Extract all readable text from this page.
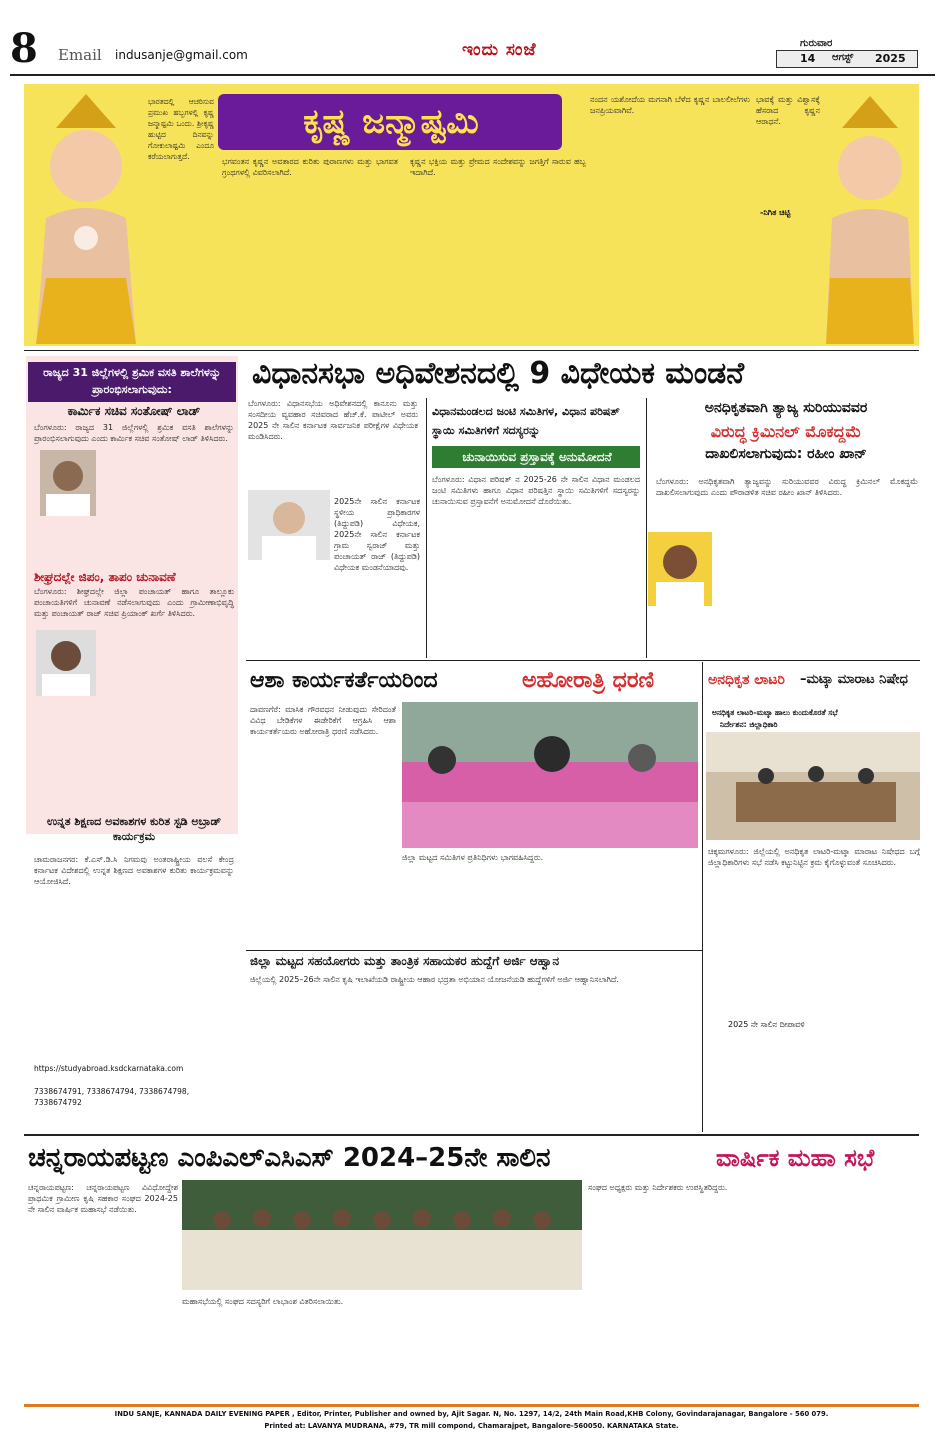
8 Email indusanje@gmail.com	ಇಂದು ಸಂಜೆ	ಗುರುವಾರ
14 ಆಗಸ್ಟ್ 2025
ಕೃಷ್ಣ ಜನ್ಮಾಷ್ಟಮಿ
ಭಾರತದಲ್ಲಿ ಆಚರಿಸುವ ಪ್ರಮುಖ ಹಬ್ಬಗಳಲ್ಲಿ ಕೃಷ್ಣ ಜನ್ಮಾಷ್ಟಮಿ ಒಂದು. ಶ್ರೀಕೃಷ್ಣ ಹುಟ್ಟಿದ ದಿನವನ್ನು ಗೋಕುಲಾಷ್ಟಮಿ ಎಂದೂ ಕರೆಯಲಾಗುತ್ತದೆ.
ಭಗವಂತನ ಕೃಷ್ಣನ ಅವತಾರದ ಕುರಿತು ಪುರಾಣಗಳು ಮತ್ತು ಭಾಗವತ ಗ್ರಂಥಗಳಲ್ಲಿ ವಿವರಿಸಲಾಗಿದೆ.
ಕೃಷ್ಣನ ಭಕ್ತಿಯ ಮತ್ತು ಪ್ರೇಮದ ಸಂದೇಶವನ್ನು ಜಗತ್ತಿಗೆ ಸಾರುವ ಹಬ್ಬ ಇದಾಗಿದೆ.
ನಂದನ ಯಶೋದೆಯ ಮಗನಾಗಿ ಬೆಳೆದ ಕೃಷ್ಣನ ಬಾಲಲೀಲೆಗಳು ಜನಪ್ರಿಯವಾಗಿವೆ.
ಭಾವಕ್ಕೆ ಮತ್ತು ವಿಶ್ವಾಸಕ್ಕೆ ಹೆಸರಾದ ಕೃಷ್ಣನ ಆರಾಧನೆ.
-ನಿಗಿತ ಚಿಟ್ಟಿ
ವಿಧಾನಸಭಾ ಅಧಿವೇಶನದಲ್ಲಿ 9 ವಿಧೇಯಕ ಮಂಡನೆ
ರಾಜ್ಯದ 31 ಜಿಲ್ಲೆಗಳಲ್ಲಿ ಶ್ರಮಿಕ ವಸತಿ ಶಾಲೆಗಳನ್ನು ಪ್ರಾರಂಭಿಸಲಾಗುವುದು:
ಕಾರ್ಮಿಕ ಸಚಿವ ಸಂತೋಷ್ ಲಾಡ್
ಬೆಂಗಳೂರು: ರಾಜ್ಯದ 31 ಜಿಲ್ಲೆಗಳಲ್ಲಿ ಶ್ರಮಿಕ ವಸತಿ ಶಾಲೆಗಳನ್ನು ಪ್ರಾರಂಭಿಸಲಾಗುವುದು ಎಂದು ಕಾರ್ಮಿಕ ಸಚಿವ ಸಂತೋಷ್ ಲಾಡ್ ತಿಳಿಸಿದರು.
ಶೀಘ್ರದಲ್ಲೇ ಜಿಪಂ, ತಾಪಂ ಚುನಾವಣೆ
ಬೆಂಗಳೂರು: ಶೀಘ್ರದಲ್ಲೇ ಜಿಲ್ಲಾ ಪಂಚಾಯತ್ ಹಾಗೂ ತಾಲ್ಲೂಕು ಪಂಚಾಯತಿಗಳಿಗೆ ಚುನಾವಣೆ ನಡೆಸಲಾಗುವುದು ಎಂದು ಗ್ರಾಮೀಣಾಭಿವೃದ್ಧಿ ಮತ್ತು ಪಂಚಾಯತ್ ರಾಜ್ ಸಚಿವ ಪ್ರಿಯಾಂಕ್ ಖರ್ಗೆ ತಿಳಿಸಿದರು.
ಉನ್ನತ ಶಿಕ್ಷಣದ ಅವಕಾಶಗಳ ಕುರಿತ ಸ್ಟಡಿ ಅಬ್ರಾಡ್ ಕಾರ್ಯಕ್ರಮ
ಬೆಂಗಳೂರು: ವಿಧಾನಸಭೆಯ ಅಧಿವೇಶನದಲ್ಲಿ ಕಾನೂನು ಮತ್ತು ಸಂಸದೀಯ ವ್ಯವಹಾರ ಸಚಿವರಾದ ಹೆಚ್.ಕೆ. ಪಾಟೀಲ್ ಅವರು 2025 ನೇ ಸಾಲಿನ ಕರ್ನಾಟಕ ಸಾರ್ವಜನಿಕ ಪರೀಕ್ಷೆಗಳ ವಿಧೇಯಕ ಮಂಡಿಸಿದರು.
2025ನೇ ಸಾಲಿನ ಕರ್ನಾಟಕ ಸ್ಥಳೀಯ ಪ್ರಾಧಿಕಾರಗಳ (ತಿದ್ದುಪಡಿ) ವಿಧೇಯಕ, 2025ನೇ ಸಾಲಿನ ಕರ್ನಾಟಕ ಗ್ರಾಮ ಸ್ವರಾಜ್ ಮತ್ತು ಪಂಚಾಯತ್ ರಾಜ್ (ತಿದ್ದುಪಡಿ) ವಿಧೇಯಕ ಮಂಡನೆಯಾದವು.
ವಿಧಾನಮಂಡಲದ ಜಂಟಿ ಸಮಿತಿಗಳ, ವಿಧಾನ ಪರಿಷತ್ ಸ್ಥಾಯಿ ಸಮಿತಿಗಳಿಗೆ ಸದಸ್ಯರನ್ನು
ಚುನಾಯಿಸುವ ಪ್ರಸ್ತಾವಕ್ಕೆ ಅನುಮೋದನೆ
ಬೆಂಗಳೂರು: ವಿಧಾನ ಪರಿಷತ್ ನ 2025-26 ನೇ ಸಾಲಿನ ವಿಧಾನ ಮಂಡಲದ ಜಂಟಿ ಸಮಿತಿಗಳು ಹಾಗೂ ವಿಧಾನ ಪರಿಷತ್ತಿನ ಸ್ಥಾಯಿ ಸಮಿತಿಗಳಿಗೆ ಸದಸ್ಯರನ್ನು ಚುನಾಯಿಸುವ ಪ್ರಸ್ತಾವನೆಗೆ ಅನುಮೋದನೆ ದೊರೆಯಿತು.
ಅನಧಿಕೃತವಾಗಿ ತ್ಯಾಜ್ಯ ಸುರಿಯುವವರ
ವಿರುದ್ಧ ಕ್ರಿಮಿನಲ್ ಮೊಕದ್ದಮೆ
ದಾಖಲಿಸಲಾಗುವುದು: ರಹೀಂ ಖಾನ್
ಬೆಂಗಳೂರು: ಅನಧಿಕೃತವಾಗಿ ತ್ಯಾಜ್ಯವನ್ನು ಸುರಿಯುವವರ ವಿರುದ್ಧ ಕ್ರಿಮಿನಲ್ ಮೊಕದ್ದಮೆ ದಾಖಲಿಸಲಾಗುವುದು ಎಂದು ಪೌರಾಡಳಿತ ಸಚಿವ ರಹೀಂ ಖಾನ್ ತಿಳಿಸಿದರು.
ಆಶಾ ಕಾರ್ಯಕರ್ತೆಯರಿಂದ	ಅಹೋರಾತ್ರಿ ಧರಣಿ
ದಾವಣಗೆರೆ: ಮಾಸಿಕ ಗೌರವಧನ ನೀಡುವುದು ಸೇರಿದಂತೆ ವಿವಿಧ ಬೇಡಿಕೆಗಳ ಈಡೇರಿಕೆಗೆ ಆಗ್ರಹಿಸಿ ಆಶಾ ಕಾರ್ಯಕರ್ತೆಯರು ಅಹೋರಾತ್ರಿ ಧರಣಿ ನಡೆಸಿದರು.
ಜಿಲ್ಲಾ ಮಟ್ಟದ ಸಮಿತಿಗಳ ಪ್ರತಿನಿಧಿಗಳು ಭಾಗವಹಿಸಿದ್ದರು.
ಅನಧಿಕೃತ ಲಾಟರಿ –ಮಟ್ಕಾ ಮಾರಾಟ ನಿಷೇಧ
ಅನಧಿಕೃತ ಲಾಟರಿ–ಮಟ್ಕಾ ಹಾಲು ಕುಂದುಕೊರತೆ ಸಭೆ
ನಿರ್ದೇಶನ: ಜಿಲ್ಲಾಧಿಕಾರಿ
ಚಿಕ್ಕಮಗಳೂರು: ಜಿಲ್ಲೆಯಲ್ಲಿ ಅನಧಿಕೃತ ಲಾಟರಿ-ಮಟ್ಕಾ ಮಾರಾಟ ನಿಷೇಧದ ಬಗ್ಗೆ ಜಿಲ್ಲಾಧಿಕಾರಿಗಳು ಸಭೆ ನಡೆಸಿ ಕಟ್ಟುನಿಟ್ಟಿನ ಕ್ರಮ ಕೈಗೊಳ್ಳುವಂತೆ ಸೂಚಿಸಿದರು.
2025 ನೇ ಸಾಲಿನ ದೀಪಾವಳಿ
ಜಿಲ್ಲಾ ಮಟ್ಟದ ಸಹಯೋಗರು ಮತ್ತು ತಾಂತ್ರಿಕ ಸಹಾಯಕರ ಹುದ್ದೆಗೆ ಅರ್ಜಿ ಆಹ್ವಾನ
ಜಿಲ್ಲೆಯಲ್ಲಿ 2025–26ನೇ ಸಾಲಿನ ಕೃಷಿ ಇಲಾಖೆಯಡಿ ರಾಷ್ಟ್ರೀಯ ಆಹಾರ ಭದ್ರತಾ ಅಭಿಯಾನ ಯೋಜನೆಯಡಿ ಹುದ್ದೆಗಳಿಗೆ ಅರ್ಜಿ ಆಹ್ವಾನಿಸಲಾಗಿದೆ.
ಚಾಮರಾಜನಗರ: ಕೆ.ಎಸ್.ಡಿ.ಸಿ ನಿಗಮವು ಅಂತರಾಷ್ಟ್ರೀಯ ವಲಸೆ ಕೇಂದ್ರ ಕರ್ನಾಟಕ ವಿದೇಶದಲ್ಲಿ ಉನ್ನತ ಶಿಕ್ಷಣದ ಅವಕಾಶಗಳ ಕುರಿತು ಕಾರ್ಯಕ್ರಮವನ್ನು ಆಯೋಜಿಸಿದೆ.
https://studyabroad.ksdckarnataka.com
7338674791, 7338674794, 7338674798, 7338674792
ಚನ್ನರಾಯಪಟ್ಟಣ ಎಂಪಿಎಲ್‌ಎಸಿಎಸ್ 2024–25ನೇ ಸಾಲಿನ	ವಾರ್ಷಿಕ ಮಹಾ ಸಭೆ
ಚನ್ನರಾಯಪಟ್ಟಣ: ಚನ್ನರಾಯಪಟ್ಟಣ ವಿವಿಧೋದ್ದೇಶ ಪ್ರಾಥಮಿಕ ಗ್ರಾಮೀಣ ಕೃಷಿ ಸಹಕಾರ ಸಂಘದ 2024-25 ನೇ ಸಾಲಿನ ವಾರ್ಷಿಕ ಮಹಾಸಭೆ ನಡೆಯಿತು.
ಮಹಾಸಭೆಯಲ್ಲಿ ಸಂಘದ ಸದಸ್ಯರಿಗೆ ಲಾಭಾಂಶ ವಿತರಿಸಲಾಯಿತು.
ಸಂಘದ ಅಧ್ಯಕ್ಷರು ಮತ್ತು ನಿರ್ದೇಶಕರು ಉಪಸ್ಥಿತರಿದ್ದರು.
INDU SANJE, KANNADA DAILY EVENING PAPER , Editor, Printer, Publisher and owned by, Ajit Sagar. N, No. 1297, 14/2, 24th Main Road,KHB Colony, Govindarajanagar, Bangalore - 560 079.
Printed at: LAVANYA MUDRANA, #79, TR mill compond, Chamarajpet, Bangalore-560050. KARNATAKA State.
